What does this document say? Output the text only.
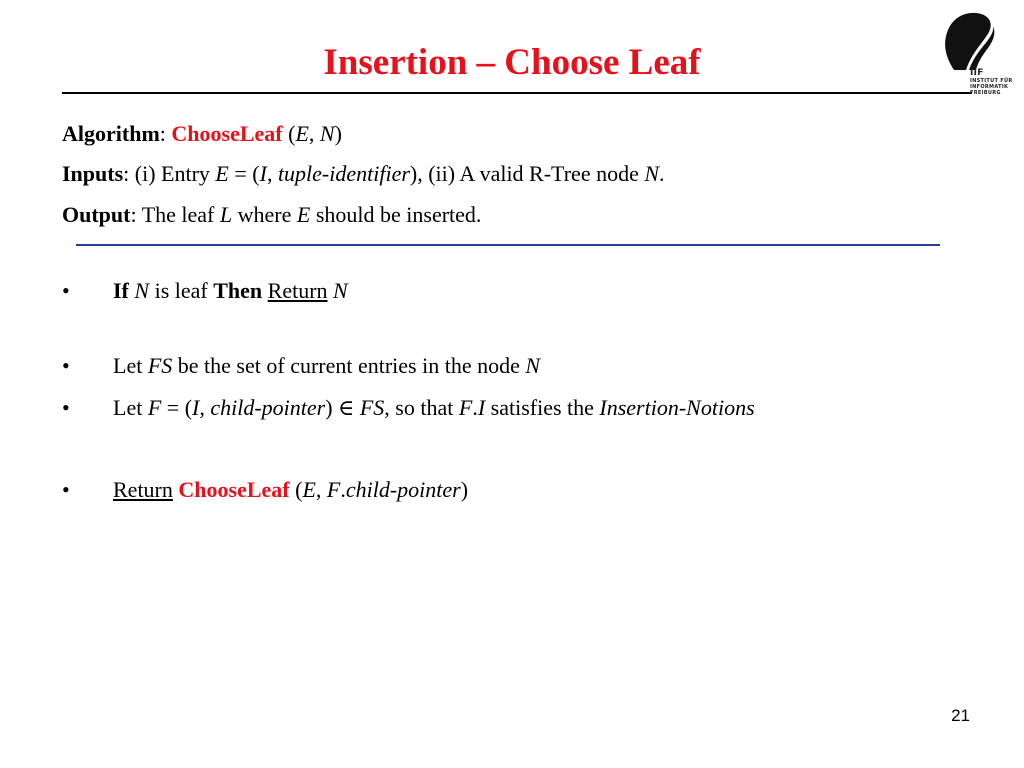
Insertion – Choose Leaf	IIF
INSTITUT FÜR
INFORMATIK
FREIBURG
Algorithm: ChooseLeaf (E, N)
Inputs: (i) Entry E = (I, tuple-identifier), (ii) A valid R-Tree node N.
Output: The leaf L where E should be inserted.
• If N is leaf Then Return N
• Let FS be the set of current entries in the node N
• Let F = (I, child-pointer) ∈ FS, so that F.I satisfies the Insertion-Notions
• Return ChooseLeaf (E, F.child-pointer)
21
